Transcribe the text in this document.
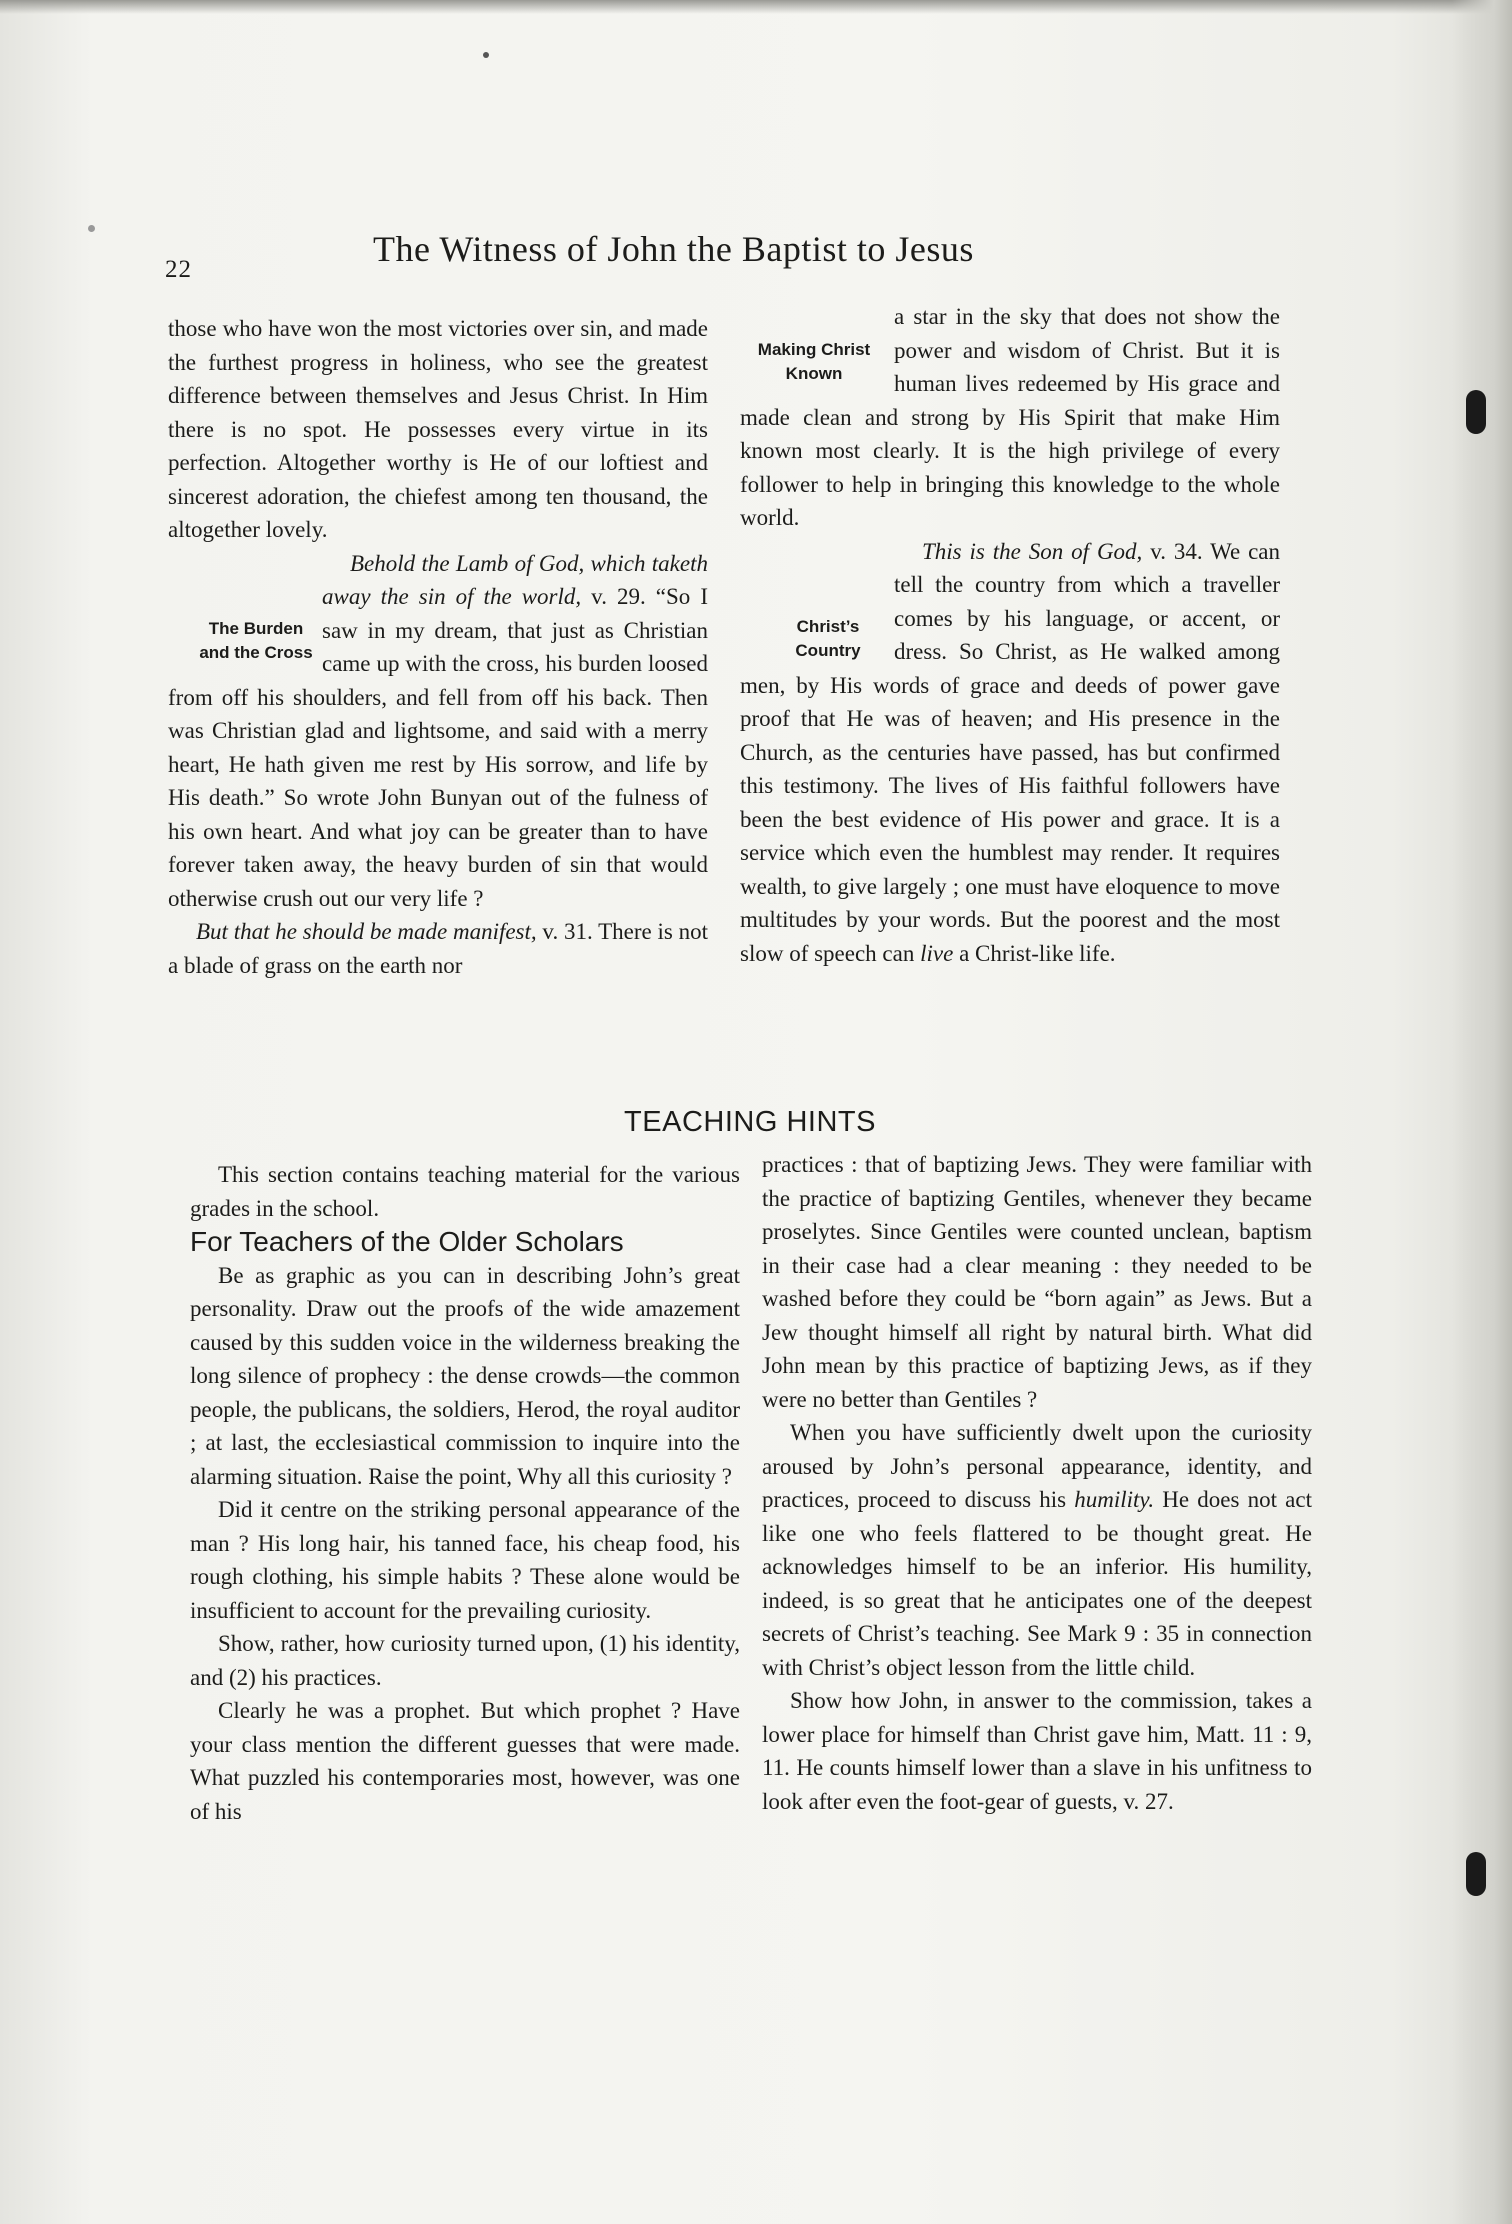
22
The Witness of John the Baptist to Jesus

those who have won the most victories over sin, and made the furthest progress in holiness, who see the greatest difference between themselves and Jesus Christ. In Him there is no spot. He possesses every virtue in its perfection. Altogether worthy is He of our loftiest and sincerest adoration, the chiefest among ten thousand, the altogether lovely.

The Burden
and the Cross
Behold the Lamb of God, which taketh away the sin of the world, v. 29. “So I saw in my dream, that just as Christian came up with the cross, his burden loosed from off his shoulders, and fell from off his back. Then was Christian glad and lightsome, and said with a merry heart, He hath given me rest by His sorrow, and life by His death.” So wrote John Bunyan out of the fulness of his own heart. And what joy can be greater than to have forever taken away, the heavy burden of sin that would otherwise crush out our very life ?

But that he should be made manifest, v. 31. There is not a blade of grass on the earth nor

Making Christ
Known
a star in the sky that does not show the power and wisdom of Christ. But it is human lives redeemed by His grace and made clean and strong by His Spirit that make Him known most clearly. It is the high privilege of every follower to help in bringing this knowledge to the whole world.

Christ’s
Country
This is the Son of God, v. 34. We can tell the country from which a traveller comes by his language, or accent, or dress. So Christ, as He walked among men, by His words of grace and deeds of power gave proof that He was of heaven; and His presence in the Church, as the centuries have passed, has but confirmed this testimony. The lives of His faithful followers have been the best evidence of His power and grace. It is a service which even the humblest may render. It requires wealth, to give largely ; one must have eloquence to move multitudes by your words. But the poorest and the most slow of speech can live a Christ-like life.

TEACHING HINTS

This section contains teaching material for the various grades in the school.

For Teachers of the Older Scholars

Be as graphic as you can in describing John’s great personality. Draw out the proofs of the wide amazement caused by this sudden voice in the wilderness breaking the long silence of prophecy : the dense crowds—the common people, the publicans, the soldiers, Herod, the royal auditor ; at last, the ecclesiastical commission to inquire into the alarming situation. Raise the point, Why all this curiosity ?

Did it centre on the striking personal appearance of the man ? His long hair, his tanned face, his cheap food, his rough clothing, his simple habits ? These alone would be insufficient to account for the prevailing curiosity.

Show, rather, how curiosity turned upon, (1) his identity, and (2) his practices.

Clearly he was a prophet. But which prophet ? Have your class mention the different guesses that were made. What puzzled his contemporaries most, however, was one of his

practices : that of baptizing Jews. They were familiar with the practice of baptizing Gentiles, whenever they became proselytes. Since Gentiles were counted unclean, baptism in their case had a clear meaning : they needed to be washed before they could be “born again” as Jews. But a Jew thought himself all right by natural birth. What did John mean by this practice of baptizing Jews, as if they were no better than Gentiles ?

When you have sufficiently dwelt upon the curiosity aroused by John’s personal appearance, identity, and practices, proceed to discuss his humility. He does not act like one who feels flattered to be thought great. He acknowledges himself to be an inferior. His humility, indeed, is so great that he anticipates one of the deepest secrets of Christ’s teaching. See Mark 9 : 35 in connection with Christ’s object lesson from the little child.

Show how John, in answer to the commission, takes a lower place for himself than Christ gave him, Matt. 11 : 9, 11. He counts himself lower than a slave in his unfitness to look after even the foot-gear of guests, v. 27.
